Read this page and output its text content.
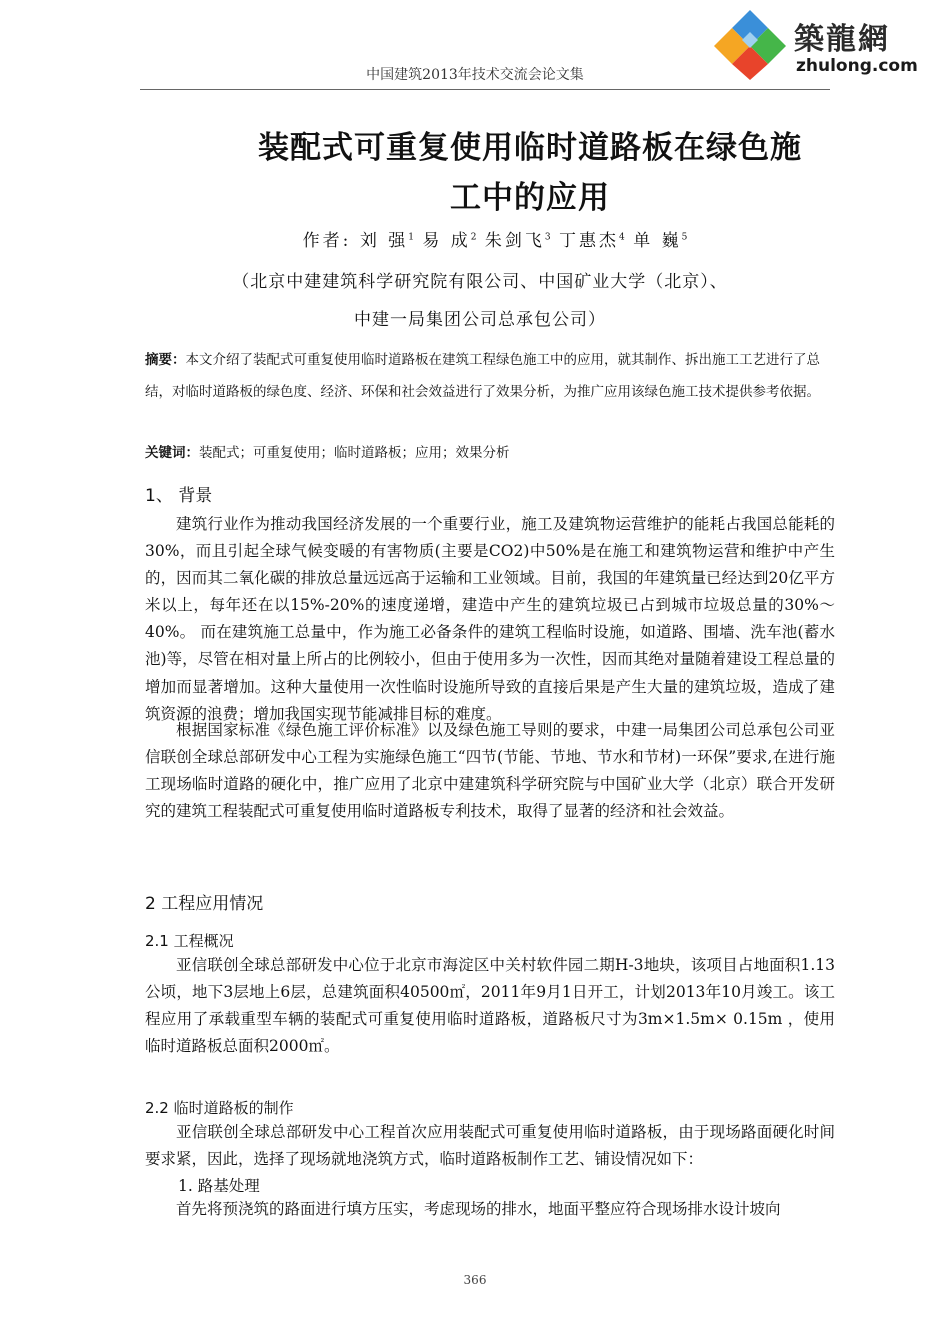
築龍網
zhulong.com
中国建筑2013年技术交流会论文集
装配式可重复使用临时道路板在绿色施
工中的应用
作者: 刘 强$^1$ 易 成$^2$ 朱剑飞$^3$ 丁惠杰$^4$ 单 巍$^5$
（北京中建建筑科学研究院有限公司、中国矿业大学（北京）、
中建一局集团公司总承包公司）
摘要：本文介绍了装配式可重复使用临时道路板在建筑工程绿色施工中的应用，就其制作、拆出施工工艺进行了总结，对临时道路板的绿色度、经济、环保和社会效益进行了效果分析，为推广应用该绿色施工技术提供参考依据。
关键词：装配式；可重复使用；临时道路板；应用；效果分析
1、 背景
建筑行业作为推动我国经济发展的一个重要行业，施工及建筑物运营维护的能耗占我国总能耗的30%，而且引起全球气候变暖的有害物质(主要是CO2)中50%是在施工和建筑物运营和维护中产生的，因而其二氧化碳的排放总量远远高于运输和工业领域。目前，我国的年建筑量已经达到20亿平方米以上，每年还在以15%-20%的速度递增，建造中产生的建筑垃圾已占到城市垃圾总量的30%～40%。 而在建筑施工总量中，作为施工必备条件的建筑工程临时设施，如道路、围墙、洗车池(蓄水池)等，尽管在相对量上所占的比例较小，但由于使用多为一次性，因而其绝对量随着建设工程总量的增加而显著增加。这种大量使用一次性临时设施所导致的直接后果是产生大量的建筑垃圾，造成了建筑资源的浪费；增加我国实现节能减排目标的难度。
根据国家标准《绿色施工评价标准》以及绿色施工导则的要求，中建一局集团公司总承包公司亚信联创全球总部研发中心工程为实施绿色施工“四节(节能、节地、节水和节材)一环保”要求,在进行施工现场临时道路的硬化中，推广应用了北京中建建筑科学研究院与中国矿业大学（北京）联合开发研究的建筑工程装配式可重复使用临时道路板专利技术，取得了显著的经济和社会效益。
2 工程应用情况
2.1 工程概况
亚信联创全球总部研发中心位于北京市海淀区中关村软件园二期H-3地块，该项目占地面积1.13公顷，地下3层地上6层，总建筑面积40500㎡，2011年9月1日开工，计划2013年10月竣工。该工程应用了承载重型车辆的装配式可重复使用临时道路板，道路板尺寸为3m×1.5m× 0.15m ，使用临时道路板总面积2000㎡。
2.2 临时道路板的制作
亚信联创全球总部研发中心工程首次应用装配式可重复使用临时道路板，由于现场路面硬化时间要求紧，因此，选择了现场就地浇筑方式，临时道路板制作工艺、铺设情况如下：
1. 路基处理
首先将预浇筑的路面进行填方压实，考虑现场的排水，地面平整应符合现场排水设计坡向
366
